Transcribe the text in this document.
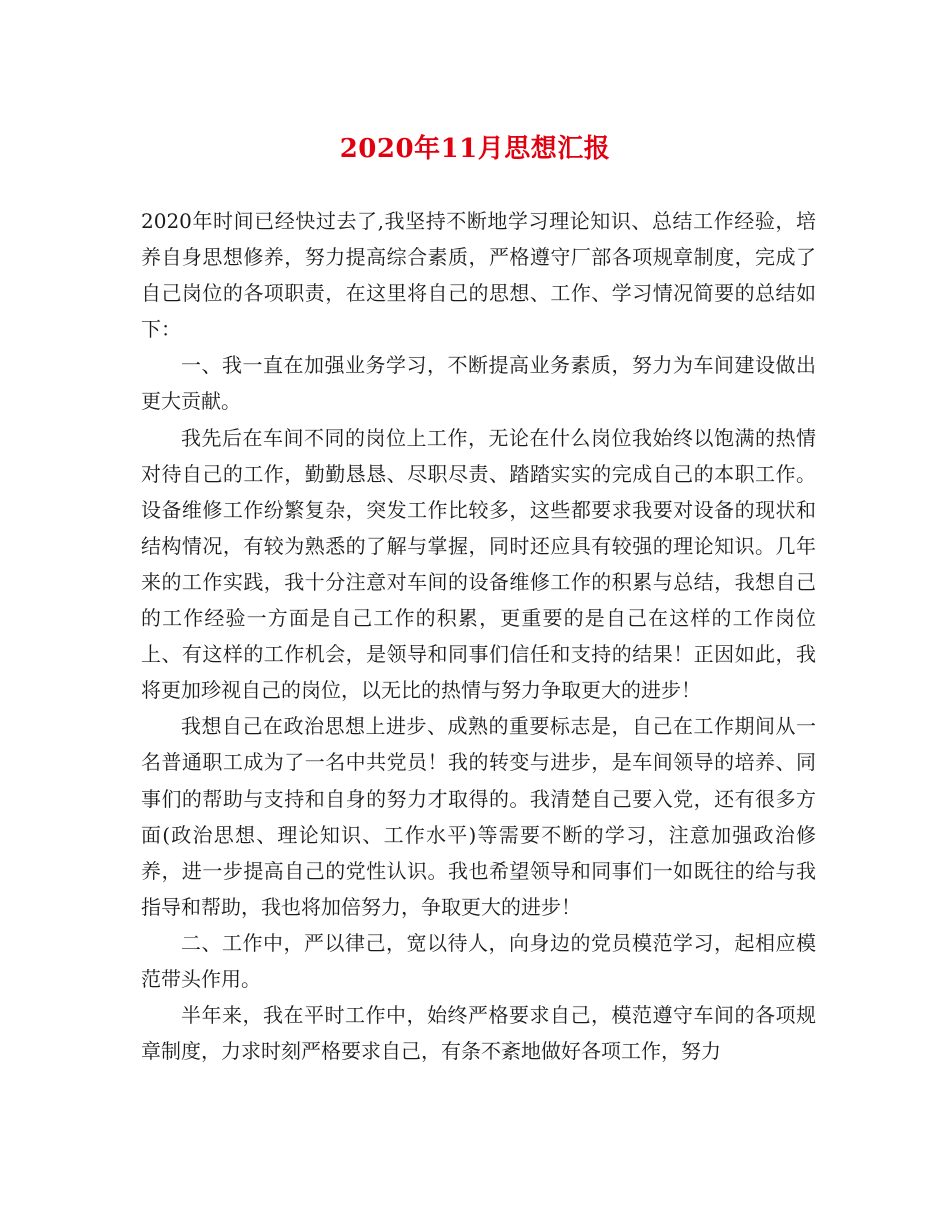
2020年11月思想汇报

2020年时间已经快过去了,我坚持不断地学习理论知识、总结工作经验，培养自身思想修养，努力提高综合素质，严格遵守厂部各项规章制度，完成了自己岗位的各项职责，在这里将自己的思想、工作、学习情况简要的总结如下：

一、我一直在加强业务学习，不断提高业务素质，努力为车间建设做出更大贡献。

我先后在车间不同的岗位上工作，无论在什么岗位我始终以饱满的热情对待自己的工作，勤勤恳恳、尽职尽责、踏踏实实的完成自己的本职工作。设备维修工作纷繁复杂，突发工作比较多，这些都要求我要对设备的现状和结构情况，有较为熟悉的了解与掌握，同时还应具有较强的理论知识。几年来的工作实践，我十分注意对车间的设备维修工作的积累与总结，我想自己的工作经验一方面是自己工作的积累，更重要的是自己在这样的工作岗位上、有这样的工作机会，是领导和同事们信任和支持的结果！正因如此，我将更加珍视自己的岗位，以无比的热情与努力争取更大的进步！

我想自己在政治思想上进步、成熟的重要标志是，自己在工作期间从一名普通职工成为了一名中共党员！我的转变与进步，是车间领导的培养、同事们的帮助与支持和自身的努力才取得的。我清楚自己要入党，还有很多方面(政治思想、理论知识、工作水平)等需要不断的学习，注意加强政治修养，进一步提高自己的党性认识。我也希望领导和同事们一如既往的给与我指导和帮助，我也将加倍努力，争取更大的进步！

二、工作中，严以律己，宽以待人，向身边的党员模范学习，起相应模范带头作用。

半年来，我在平时工作中，始终严格要求自己，模范遵守车间的各项规章制度，力求时刻严格要求自己，有条不紊地做好各项工作，努力
